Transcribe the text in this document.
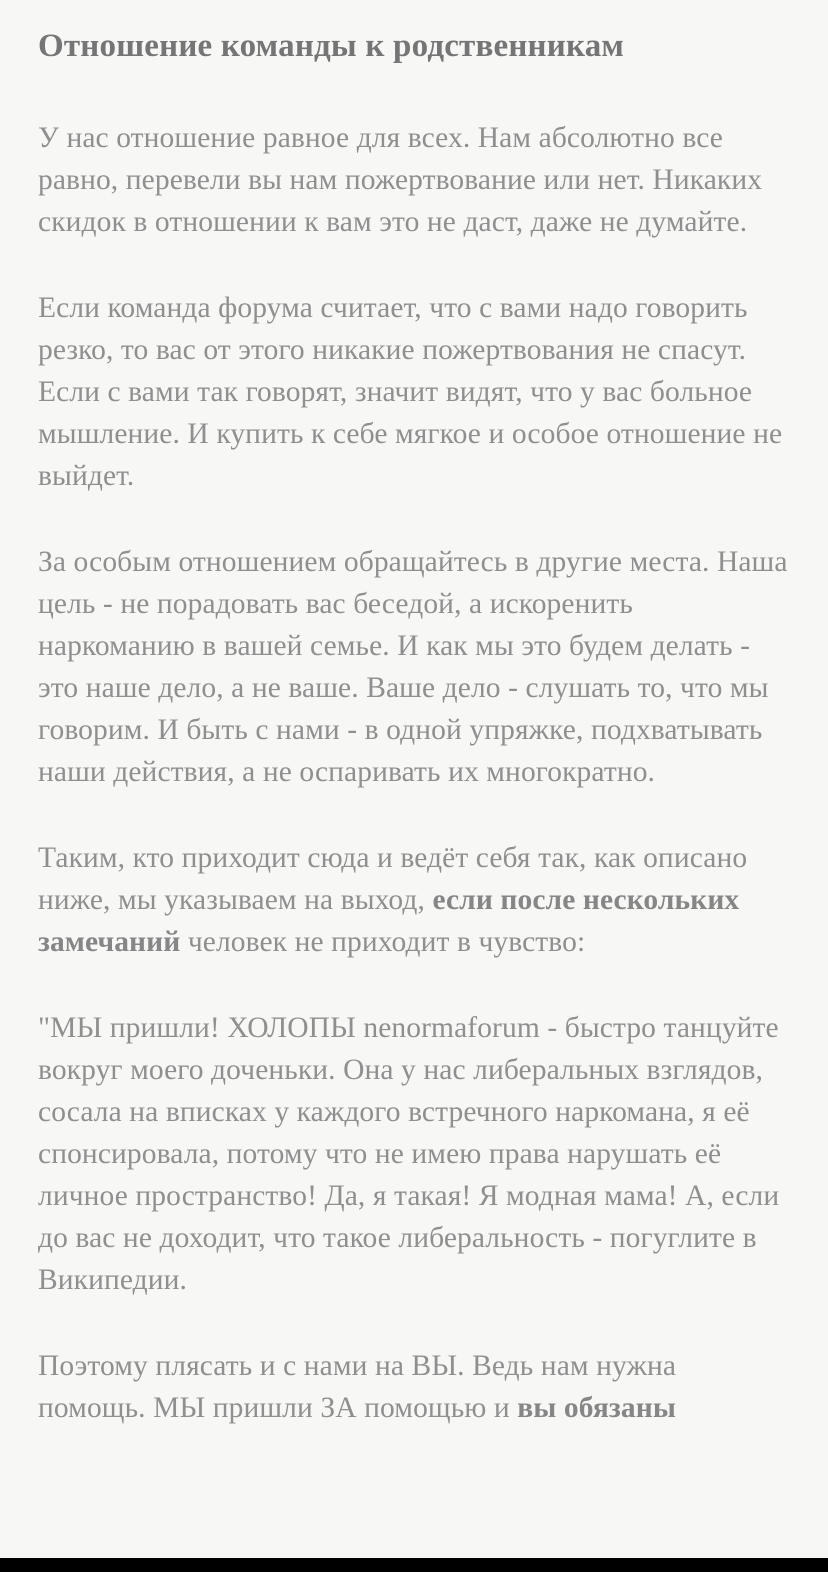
Отношение команды к родственникам

У нас отношение равное для всех. Нам абсолютно все равно, перевели вы нам пожертвование или нет. Никаких скидок в отношении к вам это не даст, даже не думайте.

Если команда форума считает, что с вами надо говорить резко, то вас от этого никакие пожертвования не спасут. Если с вами так говорят, значит видят, что у вас больное мышление. И купить к себе мягкое и особое отношение не выйдет.

За особым отношением обращайтесь в другие места. Наша цель - не порадовать вас беседой, а искоренить наркоманию в вашей семье. И как мы это будем делать - это наше дело, а не ваше. Ваше дело - слушать то, что мы говорим. И быть с нами - в одной упряжке, подхватывать наши действия, а не оспаривать их многократно.

Таким, кто приходит сюда и ведёт себя так, как описано ниже, мы указываем на выход, если после нескольких замечаний человек не приходит в чувство:

"МЫ пришли! ХОЛОПЫ nenormaforum - быстро танцуйте вокруг моего доченьки. Она у нас либеральных взглядов, сосала на вписках у каждого встречного наркомана, я её спонсировала, потому что не имею права нарушать её личное пространство! Да, я такая! Я модная мама! А, если до вас не доходит, что такое либеральность - погуглите в Википедии.

Поэтому плясать и с нами на ВЫ. Ведь нам нужна помощь. МЫ пришли ЗА помощью и вы обязаны
